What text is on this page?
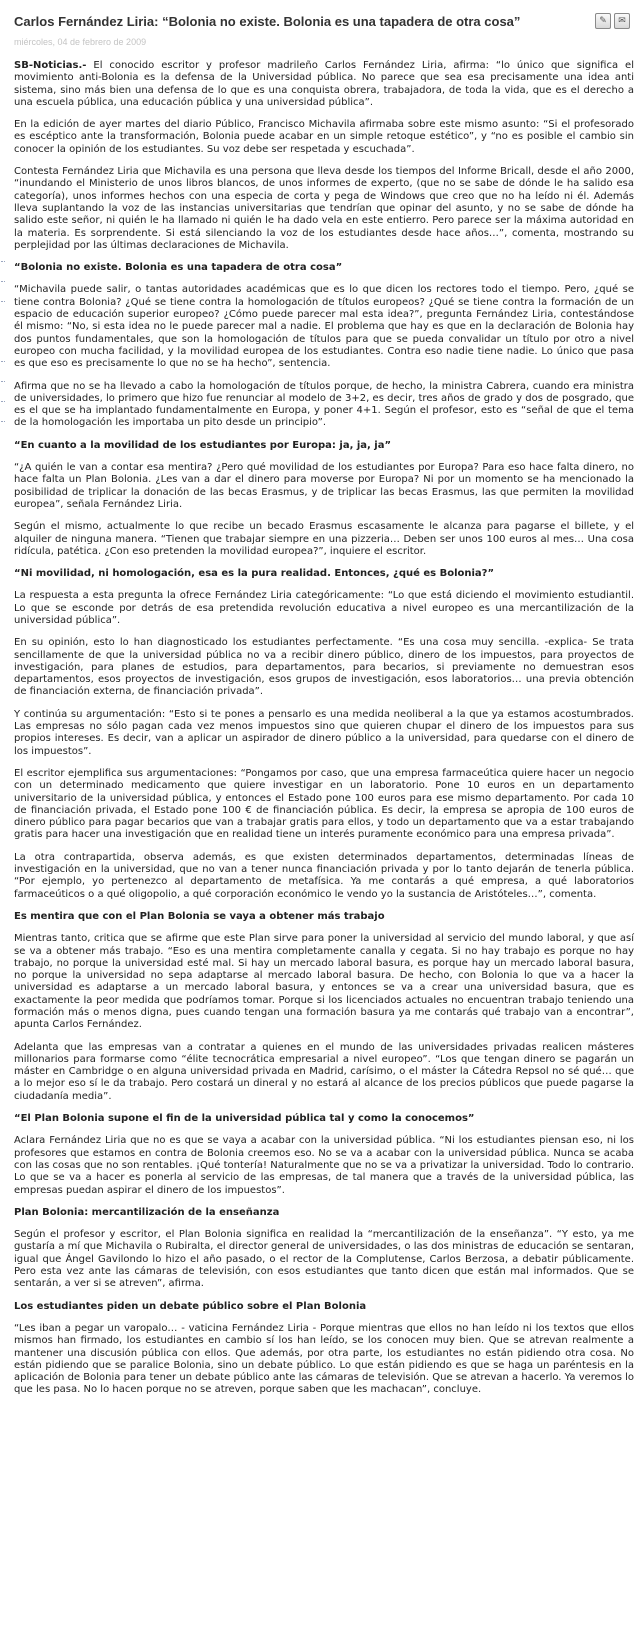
Carlos Fernández Liria: “Bolonia no existe. Bolonia es una tapadera de otra cosa”	✎	✉
miércoles, 04 de febrero de 2009

SB-Noticias.- El conocido escritor y profesor madrileño Carlos Fernández Liria, afirma: “lo único que significa el movimiento anti-Bolonia es la defensa de la Universidad pública. No parece que sea esa precisamente una idea anti sistema, sino más bien una defensa de lo que es una conquista obrera, trabajadora, de toda la vida, que es el derecho a una escuela pública, una educación pública y una universidad pública”.

En la edición de ayer martes del diario Público, Francisco Michavila afirmaba sobre este mismo asunto: “Si el profesorado es escéptico ante la transformación, Bolonia puede acabar en un simple retoque estético”, y “no es posible el cambio sin conocer la opinión de los estudiantes. Su voz debe ser respetada y escuchada”.

Contesta Fernández Liria que Michavila es una persona que lleva desde los tiempos del Informe Bricall, desde el año 2000, “inundando el Ministerio de unos libros blancos, de unos informes de experto, (que no se sabe de dónde le ha salido esa categoría), unos informes hechos con una especia de corta y pega de Windows que creo que no ha leído ni él. Además lleva suplantando la voz de las instancias universitarias que tendrían que opinar del asunto, y no se sabe de dónde ha salido este señor, ni quién le ha llamado ni quién le ha dado vela en este entierro. Pero parece ser la máxima autoridad en la materia. Es sorprendente. Si está silenciando la voz de los estudiantes desde hace años…”, comenta, mostrando su perplejidad por las últimas declaraciones de Michavila.

“Bolonia no existe. Bolonia es una tapadera de otra cosa”

“Michavila puede salir, o tantas autoridades académicas que es lo que dicen los rectores todo el tiempo. Pero, ¿qué se tiene contra Bolonia? ¿Qué se tiene contra la homologación de títulos europeos? ¿Qué se tiene contra la formación de un espacio de educación superior europeo? ¿Cómo puede parecer mal esta idea?”, pregunta Fernández Liria, contestándose él mismo: “No, si esta idea no le puede parecer mal a nadie. El problema que hay es que en la declaración de Bolonia hay dos puntos fundamentales, que son la homologación de títulos para que se pueda convalidar un título por otro a nivel europeo con mucha facilidad, y la movilidad europea de los estudiantes. Contra eso nadie tiene nadie. Lo único que pasa es que eso es precisamente lo que no se ha hecho”, sentencia.

Afirma que no se ha llevado a cabo la homologación de títulos porque, de hecho, la ministra Cabrera, cuando era ministra de universidades, lo primero que hizo fue renunciar al modelo de 3+2, es decir, tres años de grado y dos de posgrado, que es el que se ha implantado fundamentalmente en Europa, y poner 4+1. Según el profesor, esto es “señal de que el tema de la homologación les importaba un pito desde un principio”.

“En cuanto a la movilidad de los estudiantes por Europa: ja, ja, ja”

“¿A quién le van a contar esa mentira? ¿Pero qué movilidad de los estudiantes por Europa? Para eso hace falta dinero, no hace falta un Plan Bolonia. ¿Les van a dar el dinero para moverse por Europa? Ni por un momento se ha mencionado la posibilidad de triplicar la donación de las becas Erasmus, y de triplicar las becas Erasmus, las que permiten la movilidad europea”, señala Fernández Liria.

Según el mismo, actualmente lo que recibe un becado Erasmus escasamente le alcanza para pagarse el billete, y el alquiler de ninguna manera. “Tienen que trabajar siempre en una pizzeria… Deben ser unos 100 euros al mes… Una cosa ridícula, patética. ¿Con eso pretenden la movilidad europea?”, inquiere el escritor.

“Ni movilidad, ni homologación, esa es la pura realidad. Entonces, ¿qué es Bolonia?”

La respuesta a esta pregunta la ofrece Fernández Liria categóricamente: “Lo que está diciendo el movimiento estudiantil. Lo que se esconde por detrás de esa pretendida revolución educativa a nivel europeo es una mercantilización de la universidad pública”.

En su opinión, esto lo han diagnosticado los estudiantes perfectamente. “Es una cosa muy sencilla. -explica- Se trata sencillamente de que la universidad pública no va a recibir dinero público, dinero de los impuestos, para proyectos de investigación, para planes de estudios, para departamentos, para becarios, si previamente no demuestran esos departamentos, esos proyectos de investigación, esos grupos de investigación, esos laboratorios… una previa obtención de financiación externa, de financiación privada”.

Y continúa su argumentación: “Esto si te pones a pensarlo es una medida neoliberal a la que ya estamos acostumbrados. Las empresas no sólo pagan cada vez menos impuestos sino que quieren chupar el dinero de los impuestos para sus propios intereses. Es decir, van a aplicar un aspirador de dinero público a la universidad, para quedarse con el dinero de los impuestos”.

El escritor ejemplifica sus argumentaciones: “Pongamos por caso, que una empresa farmaceútica quiere hacer un negocio con un determinado medicamento que quiere investigar en un laboratorio. Pone 10 euros en un departamento universitario de la universidad pública, y entonces el Estado pone 100 euros para ese mismo departamento. Por cada 10 de financiación privada, el Estado pone 100 € de financiación pública. Es decir, la empresa se apropia de 100 euros de dinero público para pagar becarios que van a trabajar gratis para ellos, y todo un departamento que va a estar trabajando gratis para hacer una investigación que en realidad tiene un interés puramente económico para una empresa privada”.

La otra contrapartida, observa además, es que existen determinados departamentos, determinadas líneas de investigación en la universidad, que no van a tener nunca financiación privada y por lo tanto dejarán de tenerla pública. “Por ejemplo, yo pertenezco al departamento de metafísica. Ya me contarás a qué empresa, a qué laboratorios farmaceúticos o a qué oligopolio, a qué corporación económico le vendo yo la sustancia de Aristóteles…”, comenta.

Es mentira que con el Plan Bolonia se vaya a obtener más trabajo

Mientras tanto, critica que se afirme que este Plan sirve para poner la universidad al servicio del mundo laboral, y que así se va a obtener más trabajo. “Eso es una mentira completamente canalla y cegata. Si no hay trabajo es porque no hay trabajo, no porque la universidad esté mal. Si hay un mercado laboral basura, es porque hay un mercado laboral basura, no porque la universidad no sepa adaptarse al mercado laboral basura. De hecho, con Bolonia lo que va a hacer la universidad es adaptarse a un mercado laboral basura, y entonces se va a crear una universidad basura, que es exactamente la peor medida que podríamos tomar. Porque si los licenciados actuales no encuentran trabajo teniendo una formación más o menos digna, pues cuando tengan una formación basura ya me contarás qué trabajo van a encontrar”, apunta Carlos Fernández.

Adelanta que las empresas van a contratar a quienes en el mundo de las universidades privadas realicen másteres millonarios para formarse como “élite tecnocrática empresarial a nivel europeo”. “Los que tengan dinero se pagarán un máster en Cambridge o en alguna universidad privada en Madrid, carísimo, o el máster la Cátedra Repsol no sé qué… que a lo mejor eso sí le da trabajo. Pero costará un dineral y no estará al alcance de los precios públicos que puede pagarse la ciudadanía media”.

“El Plan Bolonia supone el fin de la universidad pública tal y como la conocemos”

Aclara Fernández Liria que no es que se vaya a acabar con la universidad pública. “Ni los estudiantes piensan eso, ni los profesores que estamos en contra de Bolonia creemos eso. No se va a acabar con la universidad pública. Nunca se acaba con las cosas que no son rentables. ¡Qué tontería! Naturalmente que no se va a privatizar la universidad. Todo lo contrario. Lo que se va a hacer es ponerla al servicio de las empresas, de tal manera que a través de la universidad pública, las empresas puedan aspirar el dinero de los impuestos”.

Plan Bolonia: mercantilización de la enseñanza

Según el profesor y escritor, el Plan Bolonia significa en realidad la “mercantilización de la enseñanza”. “Y esto, ya me gustaría a mí que Michavila o Rubiralta, el director general de universidades, o las dos ministras de educación se sentaran, igual que Ángel Gavilondo lo hizo el año pasado, o el rector de la Complutense, Carlos Berzosa, a debatir públicamente. Pero esta vez ante las cámaras de televisión, con esos estudiantes que tanto dicen que están mal informados. Que se sentarán, a ver si se atreven”, afirma.

Los estudiantes piden un debate público sobre el Plan Bolonia

“Les iban a pegar un varopalo… - vaticina Fernández Liria - Porque mientras que ellos no han leído ni los textos que ellos mismos han firmado, los estudiantes en cambio sí los han leído, se los conocen muy bien. Que se atrevan realmente a mantener una discusión pública con ellos. Que además, por otra parte, los estudiantes no están pidiendo otra cosa. No están pidiendo que se paralice Bolonia, sino un debate público. Lo que están pidiendo es que se haga un paréntesis en la aplicación de Bolonia para tener un debate público ante las cámaras de televisión. Que se atrevan a hacerlo. Ya veremos lo que les pasa. No lo hacen porque no se atreven, porque saben que les machacan”, concluye.
